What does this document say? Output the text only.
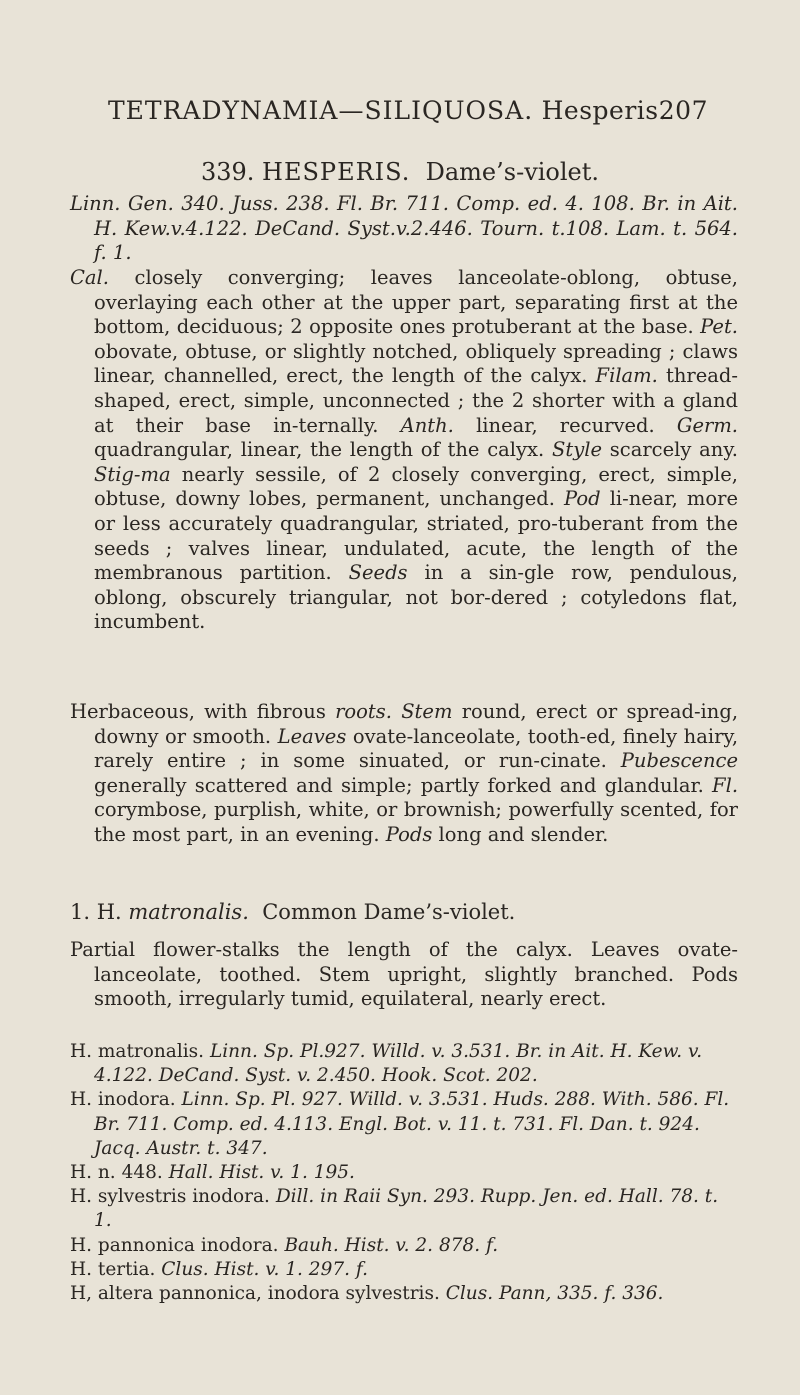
TETRADYNAMIA—SILIQUOSA. Hesperis.
207
339. HESPERIS. Dame’s-violet.

Linn. Gen. 340. Juss. 238. Fl. Br. 711. Comp. ed. 4. 108. Br. in Ait. H. Kew.v.4.122. DeCand. Syst.v.2.446. Tourn. t.108. Lam. t. 564. f. 1.

Cal. closely converging; leaves lanceolate-oblong, obtuse, overlaying each other at the upper part, separating first at the bottom, deciduous; 2 opposite ones protuberant at the base. Pet. obovate, obtuse, or slightly notched, obliquely spreading ; claws linear, channelled, erect, the length of the calyx. Filam. thread-shaped, erect, simple, unconnected ; the 2 shorter with a gland at their base in-ternally. Anth. linear, recurved. Germ. quadrangular, linear, the length of the calyx. Style scarcely any. Stig-ma nearly sessile, of 2 closely converging, erect, simple, obtuse, downy lobes, permanent, unchanged. Pod li-near, more or less accurately quadrangular, striated, pro-tuberant from the seeds ; valves linear, undulated, acute, the length of the membranous partition. Seeds in a sin-gle row, pendulous, oblong, obscurely triangular, not bor-dered ; cotyledons flat, incumbent.

Herbaceous, with fibrous roots. Stem round, erect or spread-ing, downy or smooth. Leaves ovate-lanceolate, tooth-ed, finely hairy, rarely entire ; in some sinuated, or run-cinate. Pubescence generally scattered and simple; partly forked and glandular. Fl. corymbose, purplish, white, or brownish; powerfully scented, for the most part, in an evening. Pods long and slender.

1. H. matronalis. Common Dame’s-violet.

Partial flower-stalks the length of the calyx. Leaves ovate-lanceolate, toothed. Stem upright, slightly branched. Pods smooth, irregularly tumid, equilateral, nearly erect.

H. matronalis. Linn. Sp. Pl.927. Willd. v. 3.531. Br. in Ait. H. Kew. v. 4.122. DeCand. Syst. v. 2.450. Hook. Scot. 202.

H. inodora. Linn. Sp. Pl. 927. Willd. v. 3.531. Huds. 288. With. 586. Fl. Br. 711. Comp. ed. 4.113. Engl. Bot. v. 11. t. 731. Fl. Dan. t. 924. Jacq. Austr. t. 347.

H. n. 448. Hall. Hist. v. 1. 195.

H. sylvestris inodora. Dill. in Raii Syn. 293. Rupp. Jen. ed. Hall. 78. t. 1.

H. pannonica inodora. Bauh. Hist. v. 2. 878. f.

H. tertia. Clus. Hist. v. 1. 297. f.

H, altera pannonica, inodora sylvestris. Clus. Pann, 335. f. 336.
